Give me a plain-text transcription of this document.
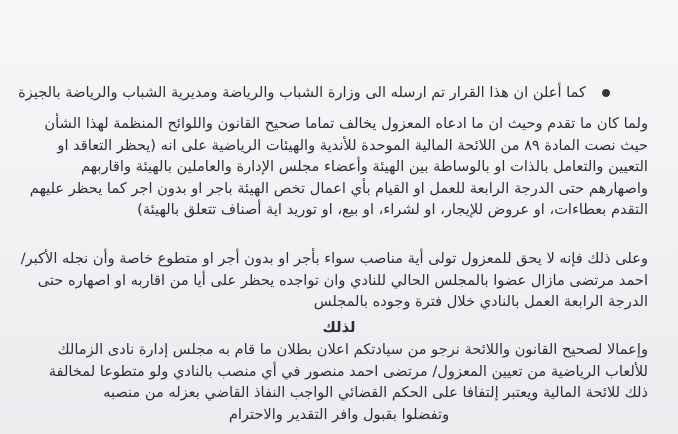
كما أعلن ان هذا القرار تم ارسله الى وزارة الشباب والرياضة ومديرية الشباب والرياضة بالجيزة
ولما كان ما تقدم وحيث ان ما ادعاه المعزول يخالف تماما صحيح القانون واللوائح المنظمة لهذا الشأن
حيث نصت المادة ٨٩ من اللائحة المالية الموحدة للأندية والهيئات الرياضية على انه (يحظر التعاقد او
التعيين والتعامل بالذات او بالوساطة بين الهيئة وأعضاء مجلس الإدارة والعاملين بالهيئة واقاربهم
واصهارهم حتى الدرجة الرابعة للعمل او القيام بأي اعمال تخص الهيئة باجر او بدون اجر كما يحظر عليهم
التقدم بعطاءات، او عروض للإيجار، او لشراء، او بيع، او توريد اية أصناف تتعلق بالهيئة)
وعلى ذلك فإنه لا يحق للمعزول تولى أية مناصب سواء بأجر او بدون أجر او متطوع خاصة وأن نجله الأكبر/
احمد مرتضى مازال عضوا بالمجلس الحالي للنادي وان تواجده يحظر على أيا من اقاربه او اصهاره حتى
الدرجة الرابعة العمل بالنادي خلال فترة وجوده بالمجلس
لذلك
وإعمالا لصحيح القانون واللائحة نرجو من سيادتكم اعلان بطلان ما قام به مجلس إدارة نادى الزمالك
للألعاب الرياضية من تعيين المعزول/ مرتضى احمد منصور في أي منصب بالنادي ولو متطوعا لمخالفة
ذلك للائحة المالية ويعتبر إلتفافا على الحكم القضائي الواجب النفاذ القاضي بعزله من منصبه
وتفضلوا بقبول وافر التقدير والاحترام
